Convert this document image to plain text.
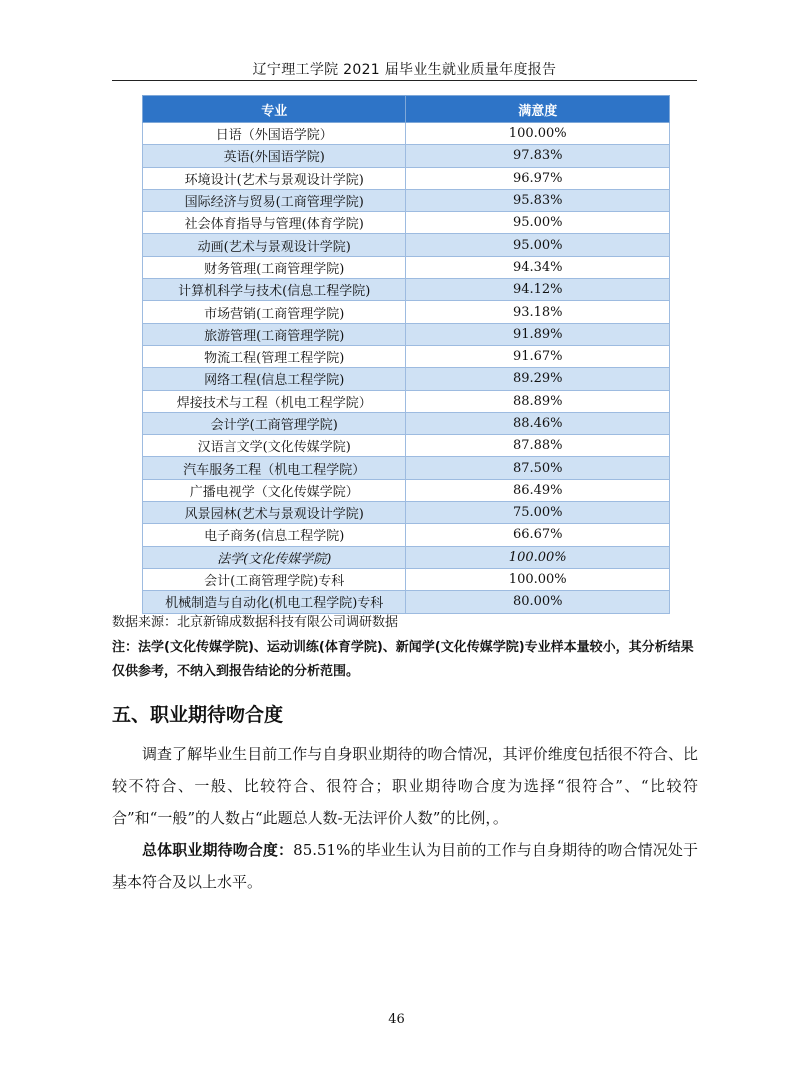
辽宁理工学院 2021 届毕业生就业质量年度报告
专业	满意度
日语（外国语学院）	100.00%
英语(外国语学院)	97.83%
环境设计(艺术与景观设计学院)	96.97%
国际经济与贸易(工商管理学院)	95.83%
社会体育指导与管理(体育学院)	95.00%
动画(艺术与景观设计学院)	95.00%
财务管理(工商管理学院)	94.34%
计算机科学与技术(信息工程学院)	94.12%
市场营销(工商管理学院)	93.18%
旅游管理(工商管理学院)	91.89%
物流工程(管理工程学院)	91.67%
网络工程(信息工程学院)	89.29%
焊接技术与工程（机电工程学院）	88.89%
会计学(工商管理学院)	88.46%
汉语言文学(文化传媒学院)	87.88%
汽车服务工程（机电工程学院）	87.50%
广播电视学（文化传媒学院）	86.49%
风景园林(艺术与景观设计学院)	75.00%
电子商务(信息工程学院)	66.67%
法学(文化传媒学院)	100.00%
会计(工商管理学院)专科	100.00%
机械制造与自动化(机电工程学院)专科	80.00%
数据来源：北京新锦成数据科技有限公司调研数据
注：法学(文化传媒学院)、运动训练(体育学院)、新闻学(文化传媒学院)专业样本量较小，其分析结果仅供参考，不纳入到报告结论的分析范围。
五、职业期待吻合度
调查了解毕业生目前工作与自身职业期待的吻合情况，其评价维度包括很不符合、比较不符合、一般、比较符合、很符合；职业期待吻合度为选择“很符合”、“比较符合”和“一般”的人数占“此题总人数-无法评价人数”的比例，。
总体职业期待吻合度：85.51%的毕业生认为目前的工作与自身期待的吻合情况处于基本符合及以上水平。
46
